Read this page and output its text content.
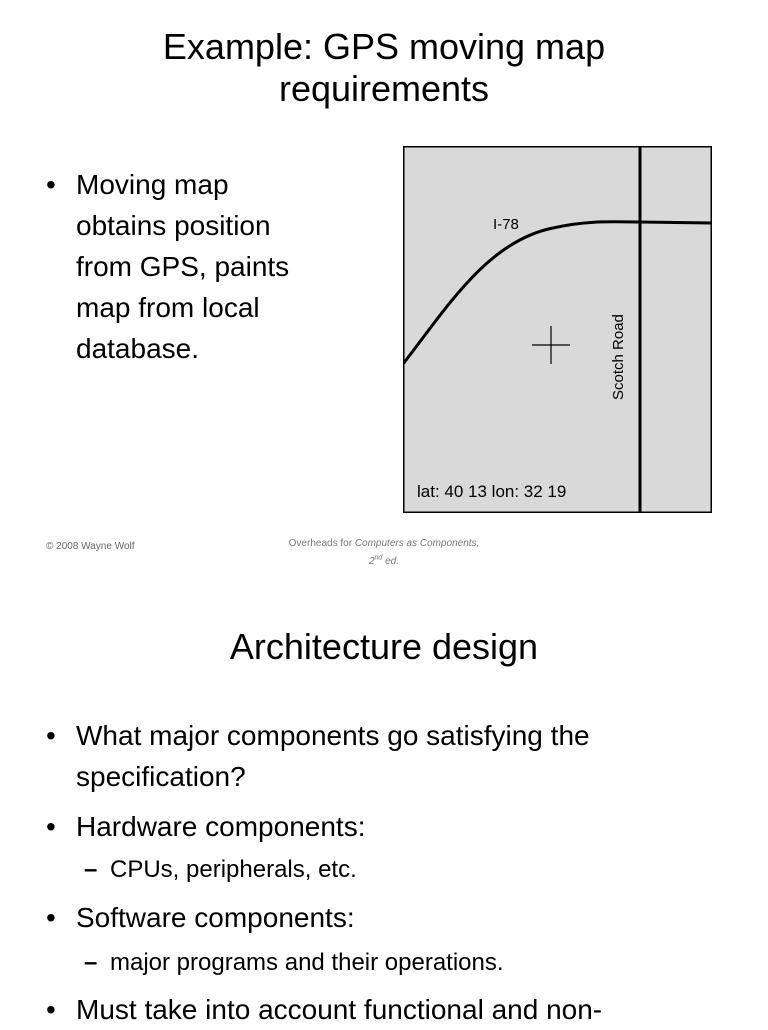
Example: GPS moving map
requirements
• Moving map
obtains position
from GPS, paints
map from local
database.
I-78
Scotch Road
lat: 40 13 lon: 32 19
© 2008 Wayne Wolf	Overheads for Computers as Components,
2nd ed.
Architecture design
• What major components go satisfying the
specification?
• Hardware components:
– CPUs, peripherals, etc.
• Software components:
– major programs and their operations.
• Must take into account functional and non-
